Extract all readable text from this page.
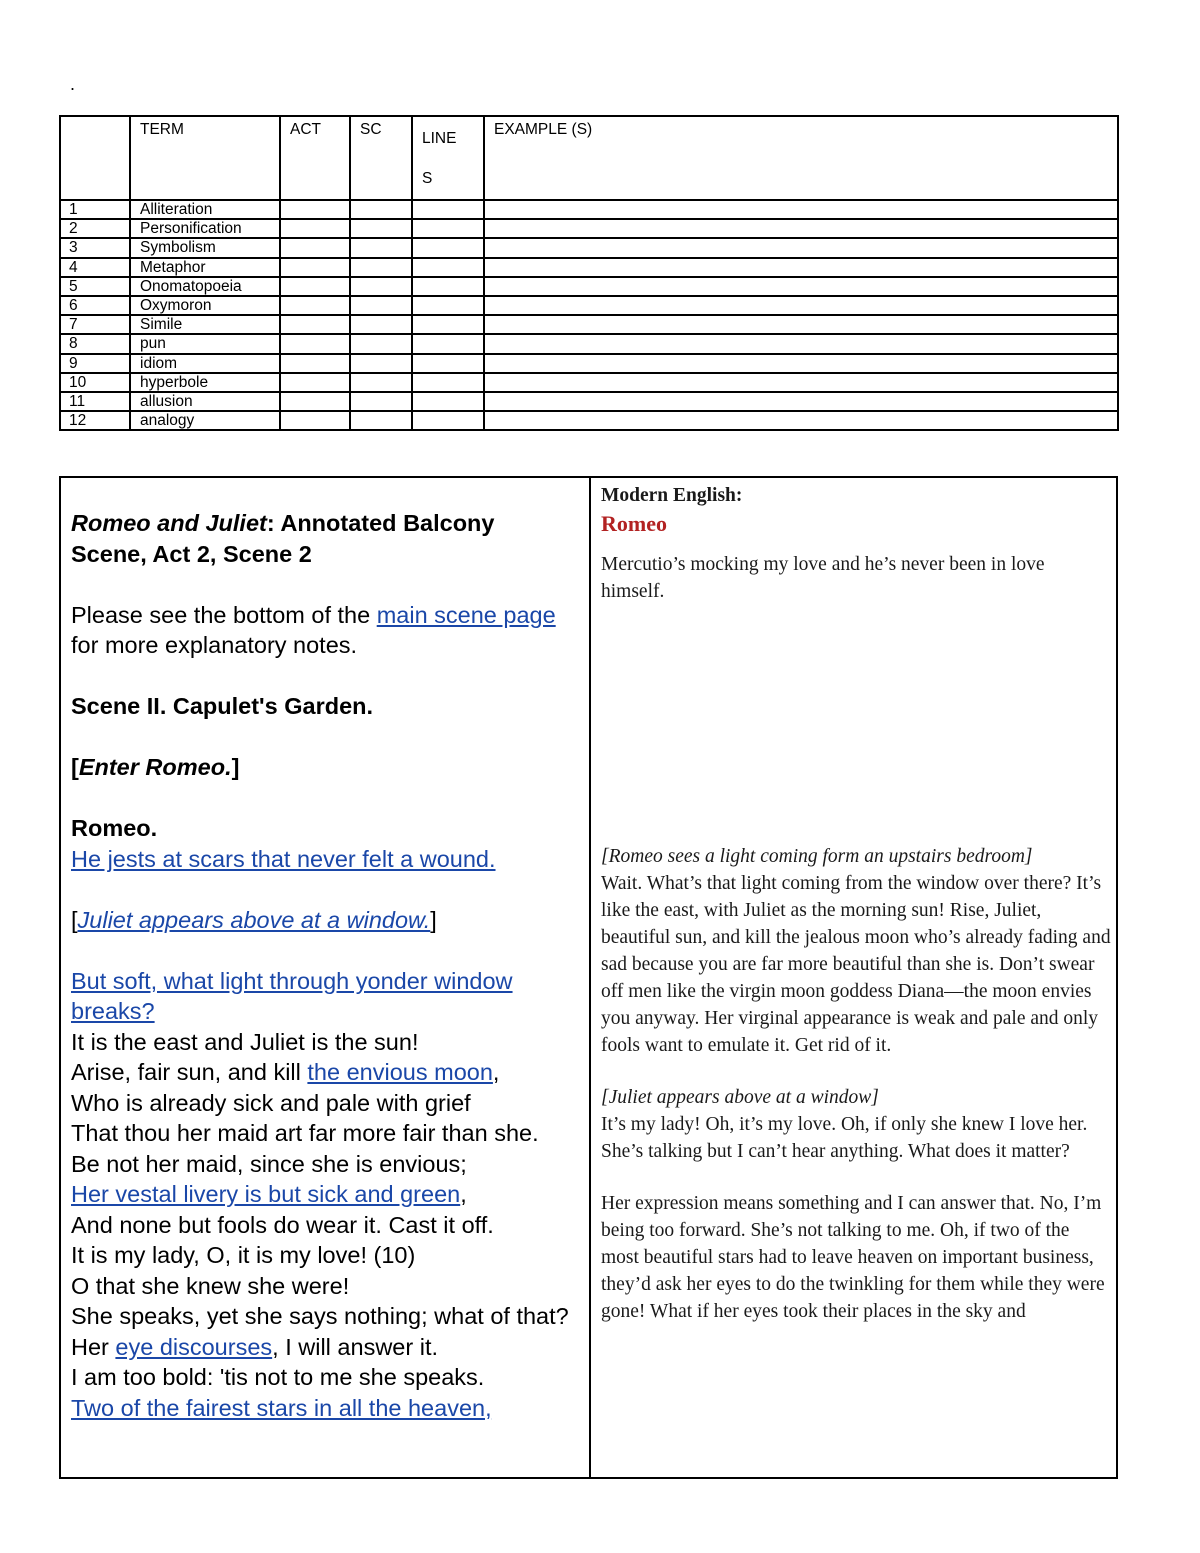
.
	TERM	ACT	SC	LINES	EXAMPLE (S)
1	Alliteration				
2	Personification				
3	Symbolism				
4	Metaphor				
5	Onomatopoeia				
6	Oxymoron				
7	Simile				
8	pun				
9	idiom				
10	hyperbole				
11	allusion				
12	analogy				

Romeo and Juliet: Annotated Balcony Scene, Act 2, Scene 2

Please see the bottom of the main scene page for more explanatory notes.

Scene II. Capulet's Garden.

[Enter Romeo.]

Romeo.

He jests at scars that never felt a wound.

[Juliet appears above at a window.]

But soft, what light through yonder window breaks?

It is the east and Juliet is the sun!

Arise, fair sun, and kill the envious moon,

Who is already sick and pale with grief

That thou her maid art far more fair than she.

Be not her maid, since she is envious;

Her vestal livery is but sick and green,

And none but fools do wear it. Cast it off.

It is my lady, O, it is my love! (10)

O that she knew she were!

She speaks, yet she says nothing; what of that?

Her eye discourses, I will answer it.

I am too bold: 'tis not to me she speaks.

Two of the fairest stars in all the heaven,

Modern English:

Romeo

Mercutio’s mocking my love and he’s never been in love himself.

[Romeo sees a light coming form an upstairs bedroom]

Wait. What’s that light coming from the window over there? It’s like the east, with Juliet as the morning sun! Rise, Juliet, beautiful sun, and kill the jealous moon who’s already fading and sad because you are far more beautiful than she is. Don’t swear off men like the virgin moon goddess Diana—the moon envies you anyway. Her virginal appearance is weak and pale and only fools want to emulate it. Get rid of it.

[Juliet appears above at a window]

It’s my lady! Oh, it’s my love. Oh, if only she knew I love her. She’s talking but I can’t hear anything. What does it matter?

Her expression means something and I can answer that. No, I’m being too forward. She’s not talking to me. Oh, if two of the most beautiful stars had to leave heaven on important business, they’d ask her eyes to do the twinkling for them while they were gone! What if her eyes took their places in the sky and
